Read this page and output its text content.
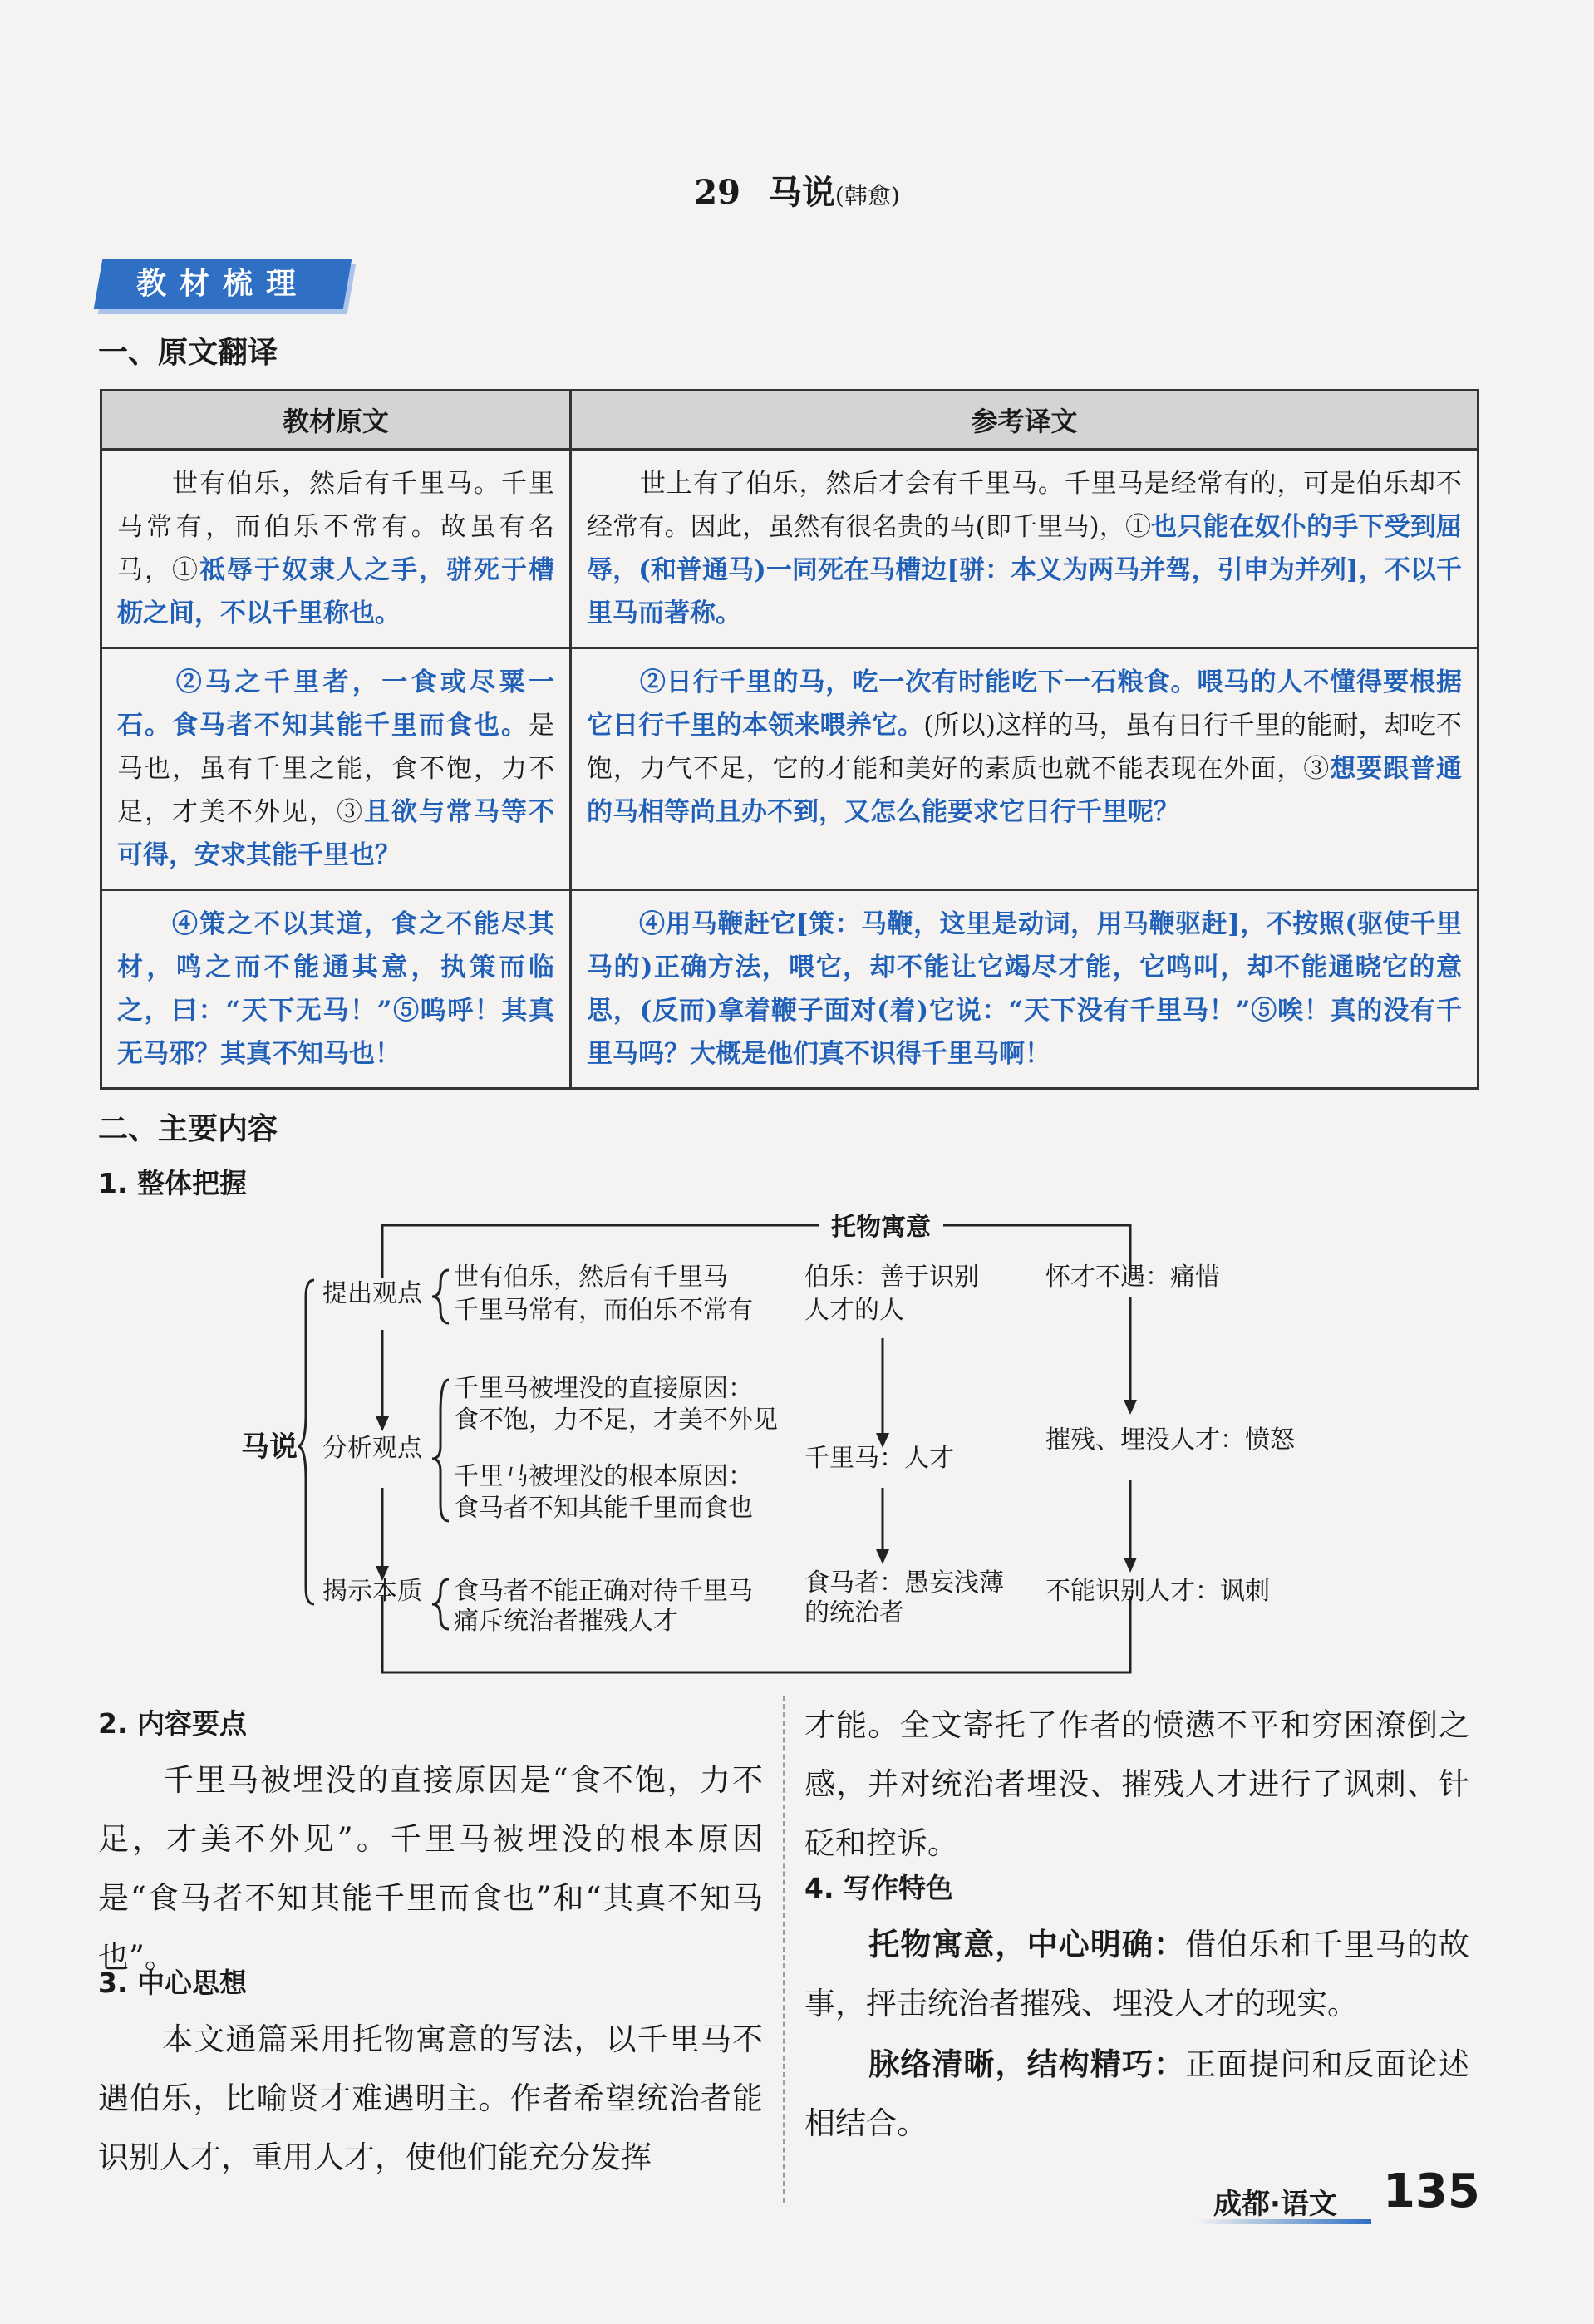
29 马说(韩愈)
教材梳理
一、原文翻译
教材原文	参考译文
　　世有伯乐，然后有千里马。千里马常有，而伯乐不常有。故虽有名马，①祗辱于奴隶人之手，骈死于槽枥之间，不以千里称也。	　　世上有了伯乐，然后才会有千里马。千里马是经常有的，可是伯乐却不经常有。因此，虽然有很名贵的马(即千里马)，①也只能在奴仆的手下受到屈辱，(和普通马)一同死在马槽边[骈：本义为两马并驾，引申为并列]，不以千里马而著称。
　　②马之千里者，一食或尽粟一石。食马者不知其能千里而食也。是马也，虽有千里之能，食不饱，力不足，才美不外见，③且欲与常马等不可得，安求其能千里也？	　　②日行千里的马，吃一次有时能吃下一石粮食。喂马的人不懂得要根据它日行千里的本领来喂养它。(所以)这样的马，虽有日行千里的能耐，却吃不饱，力气不足，它的才能和美好的素质也就不能表现在外面，③想要跟普通的马相等尚且办不到，又怎么能要求它日行千里呢？
　　④策之不以其道，食之不能尽其材，鸣之而不能通其意，执策而临之，曰：“天下无马！”⑤呜呼！其真无马邪？其真不知马也！	　　④用马鞭赶它[策：马鞭，这里是动词，用马鞭驱赶]，不按照(驱使千里马的)正确方法，喂它，却不能让它竭尽才能，它鸣叫，却不能通晓它的意思，(反而)拿着鞭子面对(着)它说：“天下没有千里马！”⑤唉！真的没有千里马吗？大概是他们真不识得千里马啊！
二、主要内容
1. 整体把握
托物寓意
马说
提出观点
分析观点
揭示本质
世有伯乐，然后有千里马
千里马常有，而伯乐不常有
伯乐：善于识别
人才的人
怀才不遇：痛惜
千里马被埋没的直接原因：
食不饱，力不足，才美不外见
千里马被埋没的根本原因：
食马者不知其能千里而食也
千里马：人才
摧残、埋没人才：愤怒
食马者不能正确对待千里马
痛斥统治者摧残人才
食马者：愚妄浅薄
的统治者
不能识别人才：讽刺
2. 内容要点
千里马被埋没的直接原因是“食不饱，力不足，才美不外见”。千里马被埋没的根本原因是“食马者不知其能千里而食也”和“其真不知马也”。
3. 中心思想
本文通篇采用托物寓意的写法，以千里马不遇伯乐，比喻贤才难遇明主。作者希望统治者能识别人才，重用人才，使他们能充分发挥
才能。全文寄托了作者的愤懑不平和穷困潦倒之感，并对统治者埋没、摧残人才进行了讽刺、针砭和控诉。
4. 写作特色
托物寓意，中心明确：借伯乐和千里马的故事，抨击统治者摧残、埋没人才的现实。
脉络清晰，结构精巧：正面提问和反面论述相结合。
成都·语文 135
